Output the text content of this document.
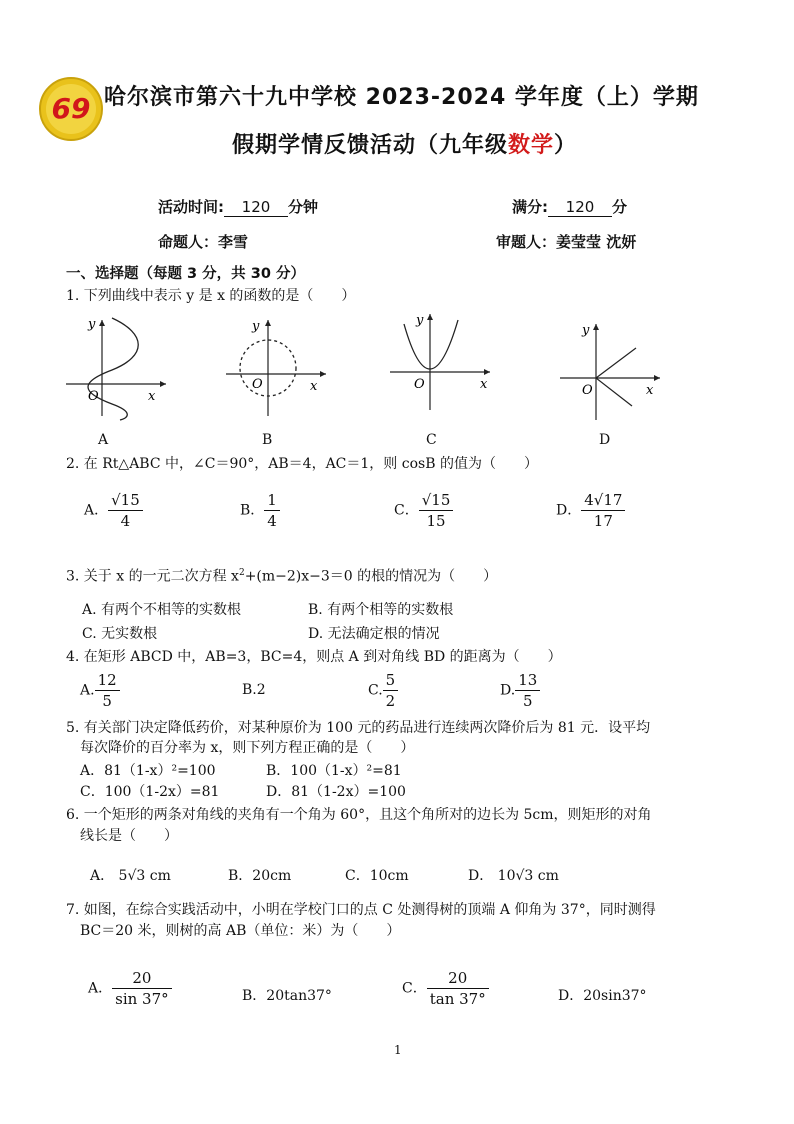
69 哈尔滨市第六十九中学校 2023-2024 学年度（上）学期
假期学情反馈活动（九年级数学）
活动时间: 120 分钟	满分: 120 分
命题人：李雪	审题人：姜莹莹 沈妍
一、选择题（每题 3 分，共 30 分）
1. 下列曲线中表示 y 是 x 的函数的是（　　）
y
O	x
y
O	x
y
O	x
y
O	x
A	B	C	D
2. 在 Rt△ABC 中，∠C＝90°，AB＝4，AC＝1，则 cosB 的值为（　　）
A． $\frac{√15}{4}$	B． $\frac{1}{4}$	C． $\frac{√15}{15}$	D． $\frac{4√17}{17}$
3. 关于 x 的一元二次方程 $x^2+(m-2)x-3=0$ 的根的情况为（　　）
A. 有两个不相等的实数根	B. 有两个相等的实数根
C. 无实数根	D. 无法确定根的情况
4. 在矩形 ABCD 中，AB=3，BC=4，则点 A 到对角线 BD 的距离为（　　）
A. $\frac{12}{5}$	B.2	C. $\frac{5}{2}$	D. $\frac{13}{5}$
5. 有关部门决定降低药价，对某种原价为 100 元的药品进行连续两次降价后为 81 元．设平均
每次降价的百分率为 x，则下列方程正确的是（　　）
A．81（1-x）²=100	B．100（1-x）²=81
C．100（1-2x）=81	D．81（1-2x）=100
6. 一个矩形的两条对角线的夹角有一个角为 60°，且这个角所对的边长为 5cm，则矩形的对角
线长是（　　）
A． 5√3 cm	B．20cm	C．10cm	D． 10√3 cm
7. 如图，在综合实践活动中，小明在学校门口的点 C 处测得树的顶端 A 仰角为 37°，同时测得
BC＝20 米，则树的高 AB（单位：米）为（　　）
A． $\frac{20}{\sin 37^\circ}$	B．20tan37°	C． $\frac{20}{\tan 37^\circ}$	D．20sin37°
1
